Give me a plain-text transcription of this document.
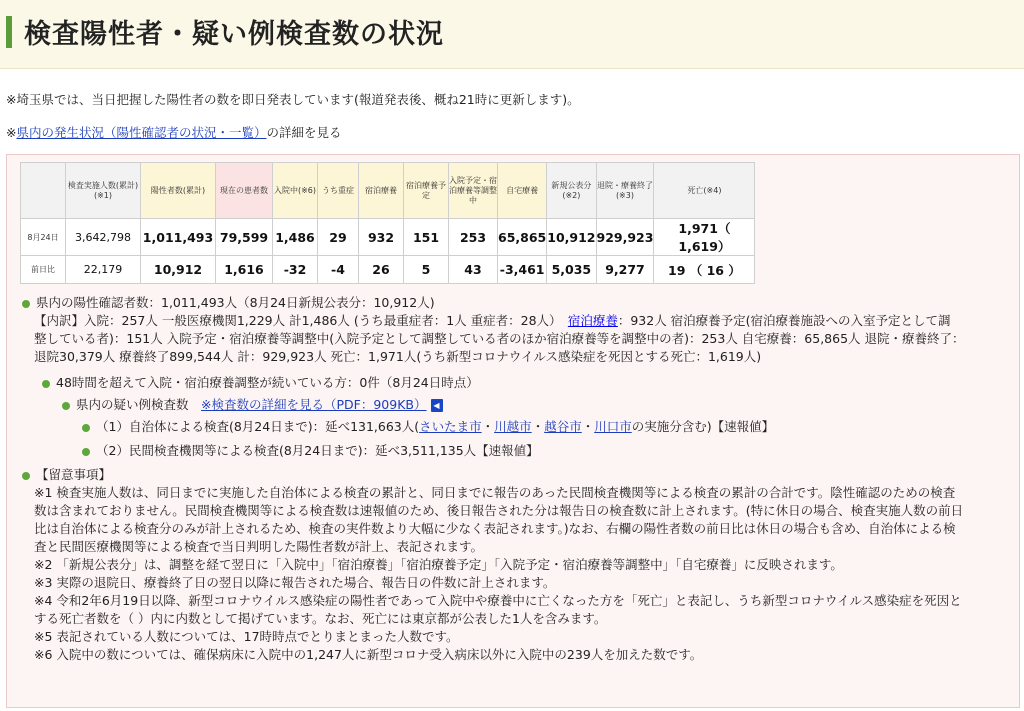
検査陽性者・疑い例検査数の状況
※埼玉県では、当日把握した陽性者の数を即日発表しています(報道発表後、概ね21時に更新します)。
※県内の発生状況（陽性確認者の状況・一覧）の詳細を見る
	検査実施人数(累計)(※1)	陽性者数(累計)	現在の患者数	入院中(※6)	うち重症	宿泊療養	宿泊療養予定	入院予定・宿泊療養等調整中	自宅療養	新規公表分(※2)	退院・療養終了(※3)	死亡(※4)
8月24日	3,642,798	1,011,493	79,599	1,486	29	932	151	253	65,865	10,912	929,923	1,971（ 1,619）
前日比	22,179	10,912	1,616	-32	-4	26	5	43	-3,461	5,035	9,277	19 （ 16 ）
県内の陽性確認者数：1,011,493人（8月24日新規公表分：10,912人)
【内訳】入院：257人 一般医療機関1,229人 計1,486人 (うち最重症者：1人 重症者：28人）　 宿泊療養：932人 宿泊療養予定(宿泊療養施設への入室予定として調
整している者)：151人 入院予定・宿泊療養等調整中(入院予定として調整している者のほか宿泊療養等を調整中の者)：253人 自宅療養：65,865人 退院・療養終了：
退院30,379人 療養終了899,544人 計：929,923人 死亡：1,971人(うち新型コロナウイルス感染症を死因とする死亡：1,619人)
48時間を超えて入院・宿泊療養調整が続いている方：0件（8月24日時点）
県内の疑い例検査数　 ※検査数の詳細を見る（PDF：909KB） ◀
（1）自治体による検査(8月24日まで)：延べ131,663人(さいたま市・川越市・越谷市・川口市の実施分含む)【速報値】
（2）民間検査機関等による検査(8月24日まで)：延べ3,511,135人【速報値】
【留意事項】
※1 検査実施人数は、同日までに実施した自治体による検査の累計と、同日までに報告のあった民間検査機関等による検査の累計の合計です。陰性確認のための検査
数は含まれておりません。民間検査機関等による検査数は速報値のため、後日報告された分は報告日の検査数に計上されます。(特に休日の場合、検査実施人数の前日
比は自治体による検査分のみが計上されるため、検査の実件数より大幅に少なく表記されます。)なお、右欄の陽性者数の前日比は休日の場合も含め、自治体による検
査と民間医療機関等による検査で当日判明した陽性者数が計上、表記されます。
※2 「新規公表分」は、調整を経て翌日に「入院中」「宿泊療養」「宿泊療養予定」「入院予定・宿泊療養等調整中」「自宅療養」に反映されます。
※3 実際の退院日、療養終了日の翌日以降に報告された場合、報告日の件数に計上されます。
※4 令和2年6月19日以降、新型コロナウイルス感染症の陽性者であって入院中や療養中に亡くなった方を「死亡」と表記し、うち新型コロナウイルス感染症を死因と
する死亡者数を（ ）内に内数として掲げています。なお、死亡には東京都が公表した1人を含みます。
※5 表記されている人数については、17時時点でとりまとまった人数です。
※6 入院中の数については、確保病床に入院中の1,247人に新型コロナ受入病床以外に入院中の239人を加えた数です。
